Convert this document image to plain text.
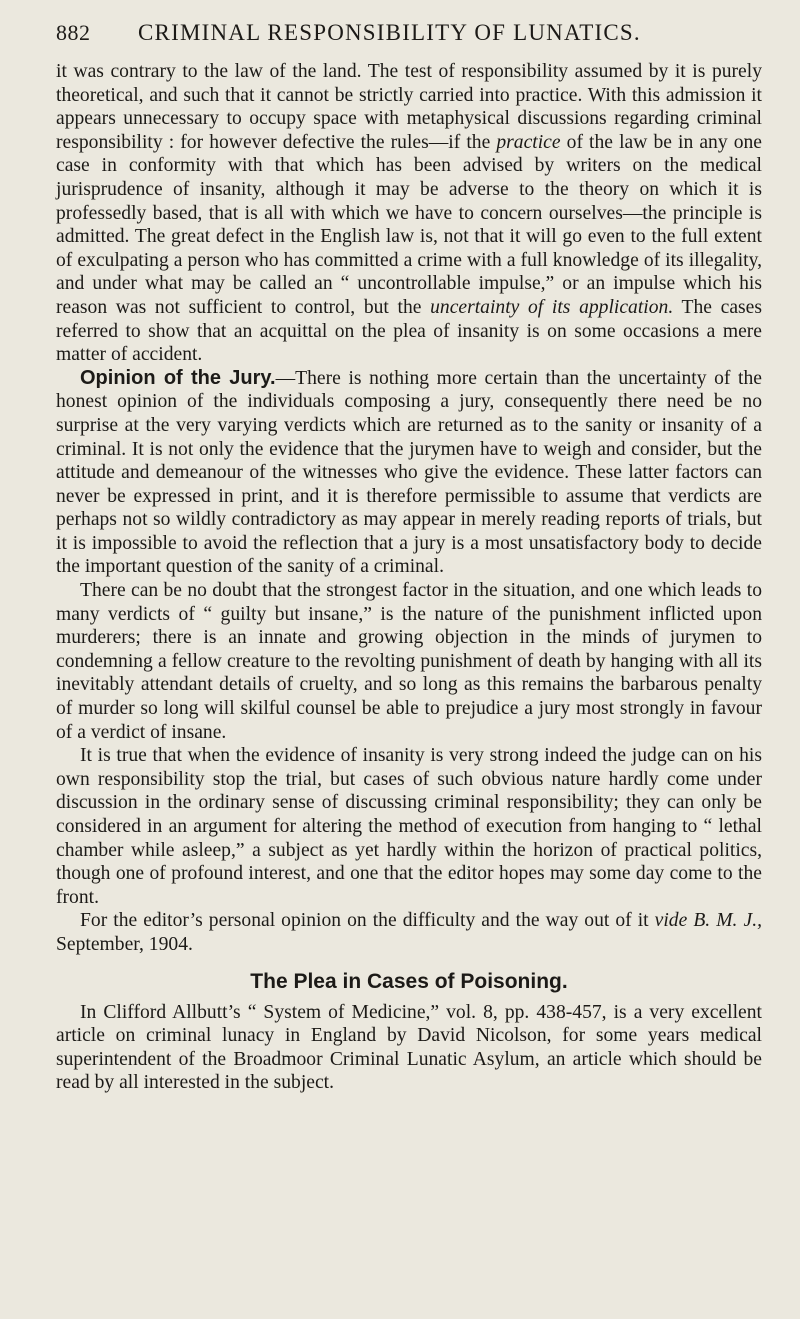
882 CRIMINAL RESPONSIBILITY OF LUNATICS.

it was contrary to the law of the land. The test of responsibility assumed by it is purely theoretical, and such that it cannot be strictly carried into practice. With this admission it appears unnecessary to occupy space with metaphysical discussions regarding criminal responsibility : for however defective the rules—if the practice of the law be in any one case in conformity with that which has been advised by writers on the medical jurisprudence of insanity, although it may be adverse to the theory on which it is professedly based, that is all with which we have to concern ourselves—the principle is admitted. The great defect in the English law is, not that it will go even to the full extent of exculpating a person who has committed a crime with a full knowledge of its illegality, and under what may be called an “ uncontrollable impulse,” or an impulse which his reason was not sufficient to control, but the uncertainty of its application. The cases referred to show that an acquittal on the plea of insanity is on some occasions a mere matter of accident.

Opinion of the Jury.—There is nothing more certain than the uncertainty of the honest opinion of the individuals composing a jury, consequently there need be no surprise at the very varying verdicts which are returned as to the sanity or insanity of a criminal. It is not only the evidence that the jurymen have to weigh and consider, but the attitude and demeanour of the witnesses who give the evidence. These latter factors can never be expressed in print, and it is therefore permissible to assume that verdicts are perhaps not so wildly contradictory as may appear in merely reading reports of trials, but it is impossible to avoid the reflection that a jury is a most unsatisfactory body to decide the important question of the sanity of a criminal.

There can be no doubt that the strongest factor in the situation, and one which leads to many verdicts of “ guilty but insane,” is the nature of the punishment inflicted upon murderers; there is an innate and growing objection in the minds of jurymen to condemning a fellow creature to the revolting punishment of death by hanging with all its inevitably attendant details of cruelty, and so long as this remains the barbarous penalty of murder so long will skilful counsel be able to prejudice a jury most strongly in favour of a verdict of insane.

It is true that when the evidence of insanity is very strong indeed the judge can on his own responsibility stop the trial, but cases of such obvious nature hardly come under discussion in the ordinary sense of discussing criminal responsibility; they can only be considered in an argument for altering the method of execution from hanging to “ lethal chamber while asleep,” a subject as yet hardly within the horizon of practical politics, though one of profound interest, and one that the editor hopes may some day come to the front.

For the editor’s personal opinion on the difficulty and the way out of it vide B. M. J., September, 1904.

The Plea in Cases of Poisoning.

In Clifford Allbutt’s “ System of Medicine,” vol. 8, pp. 438-457, is a very excellent article on criminal lunacy in England by David Nicolson, for some years medical superintendent of the Broadmoor Criminal Lunatic Asylum, an article which should be read by all interested in the subject.
